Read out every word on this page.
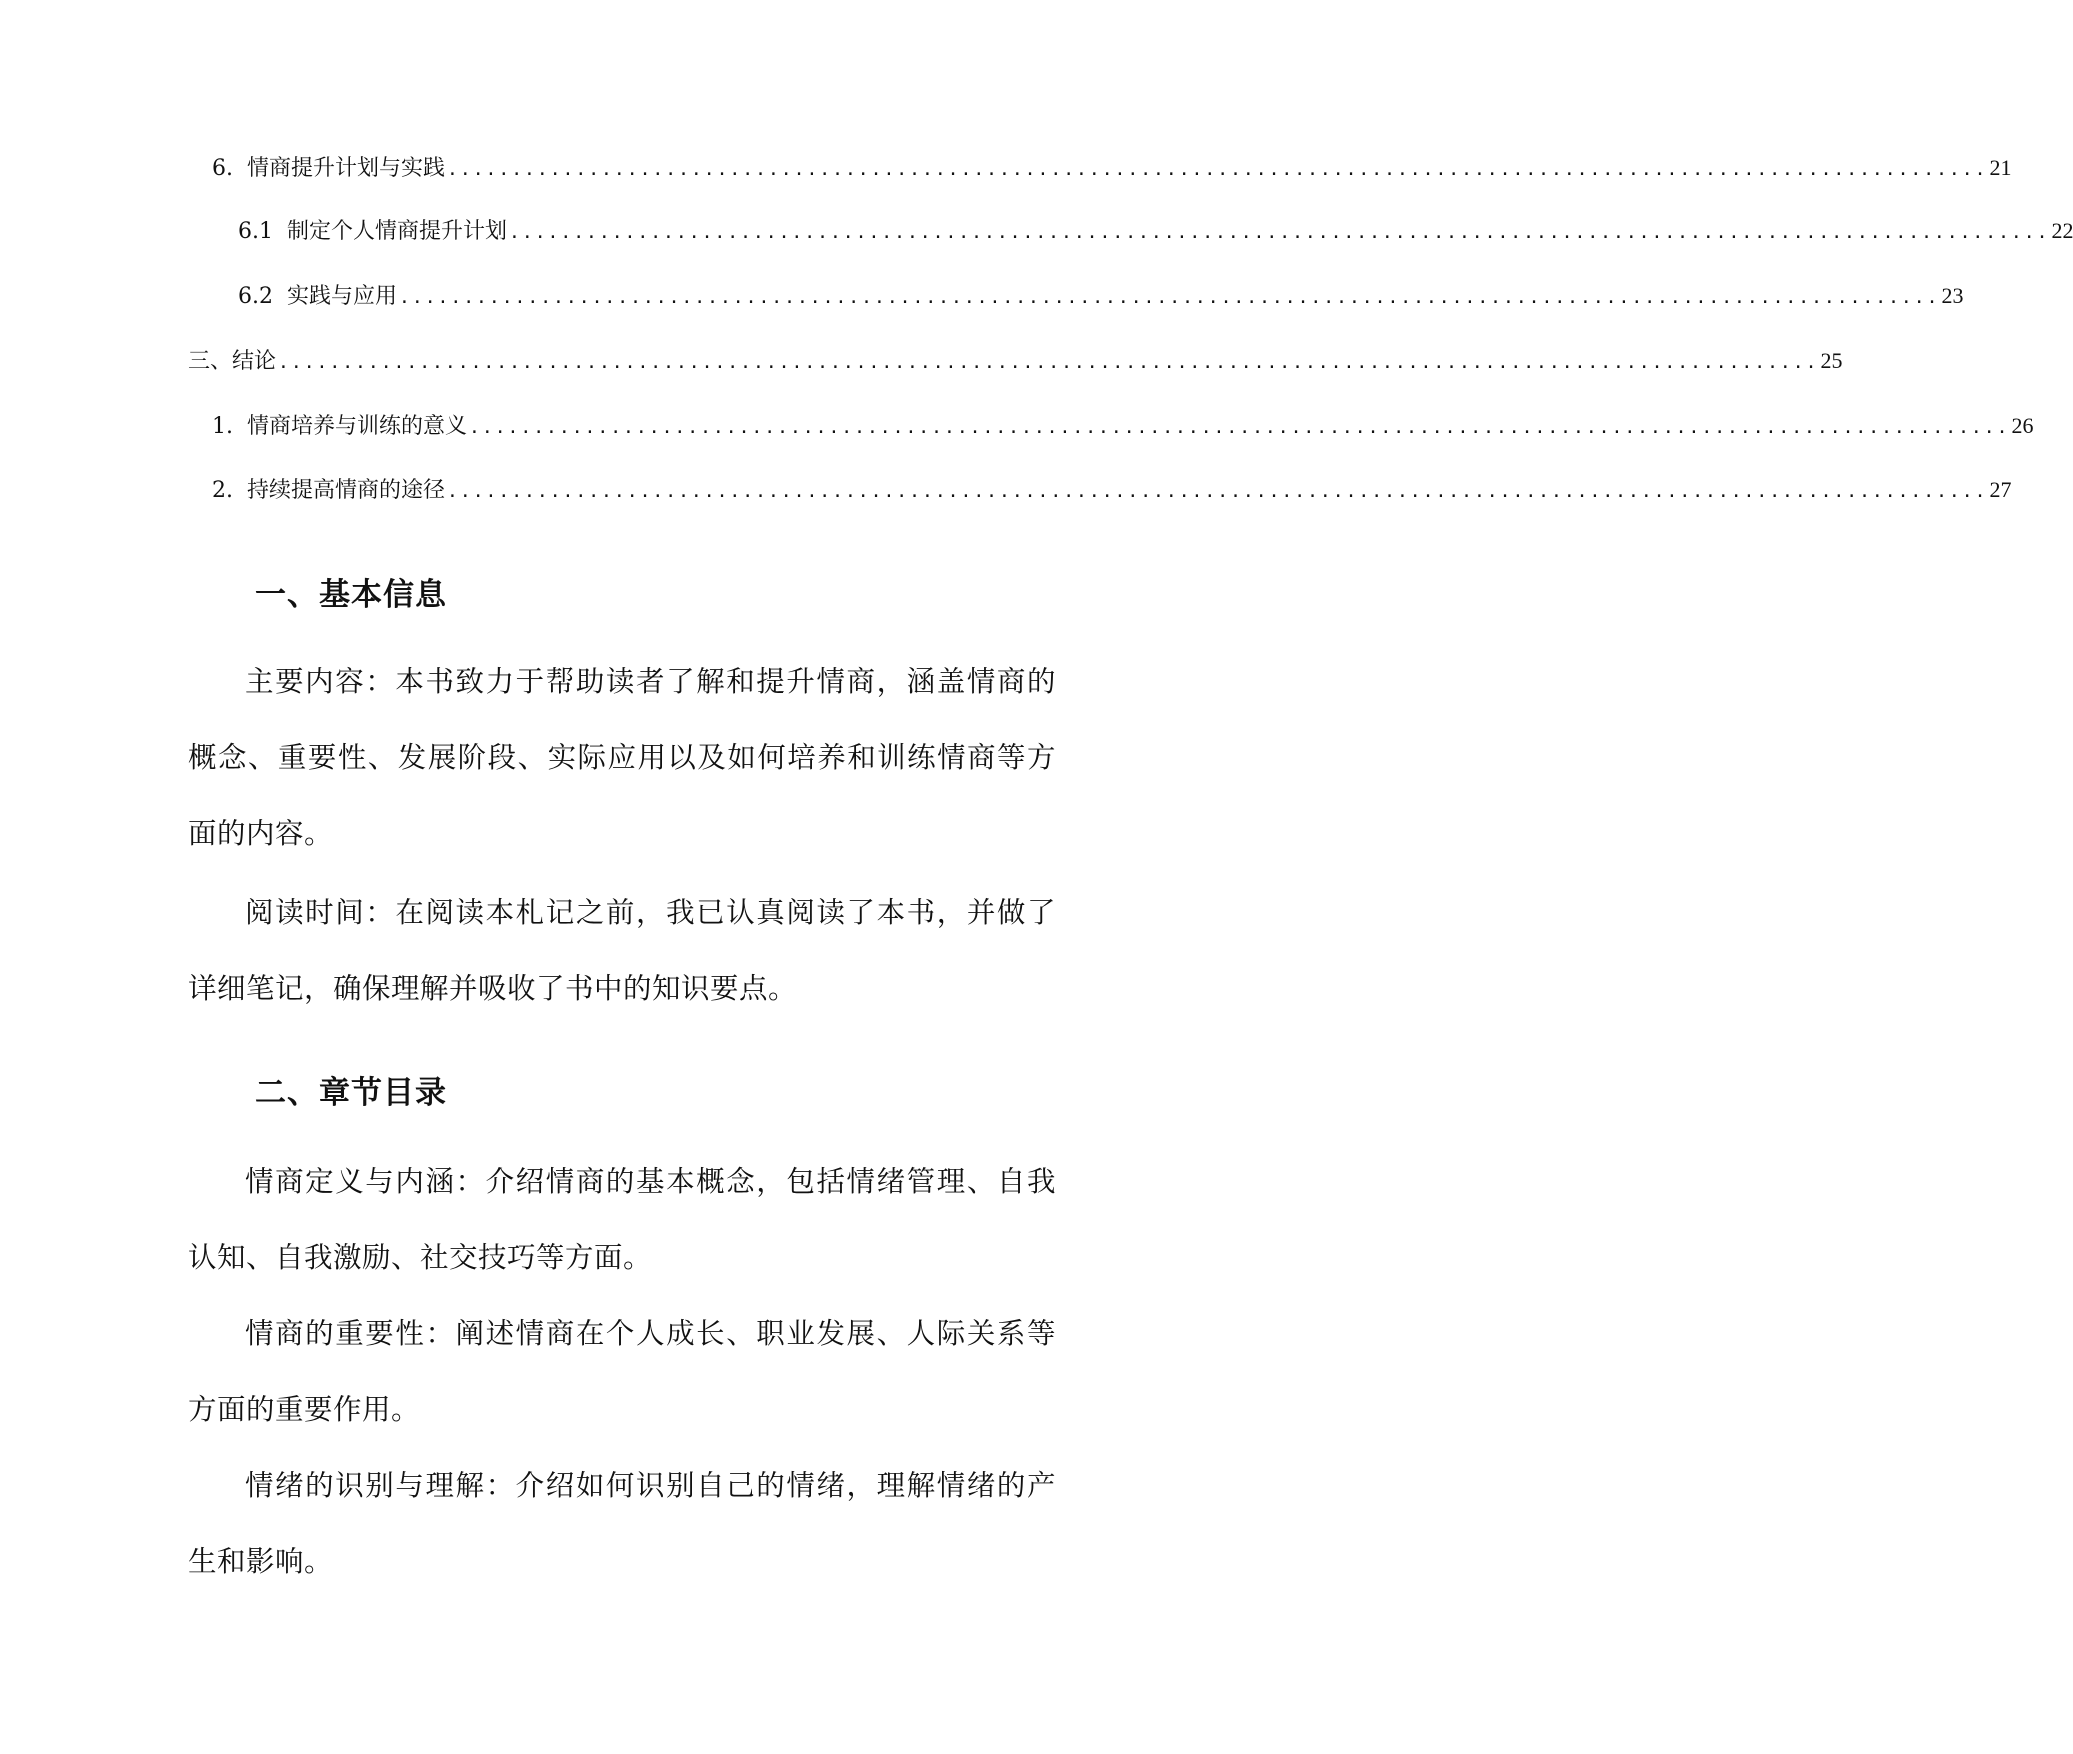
6. 情商提升计划与实践 ........................................................................................................................ 21
6.1 制定个人情商提升计划 ........................................................................................................................ 22
6.2 实践与应用 ........................................................................................................................ 23
三、结论 ........................................................................................................................ 25
1. 情商培养与训练的意义 ........................................................................................................................ 26
2. 持续提高情商的途径 ........................................................................................................................ 27
一、基本信息

主要内容：本书致力于帮助读者了解和提升情商，涵盖情商的概念、重要性、发展阶段、实际应用以及如何培养和训练情商等方面的内容。

阅读时间：在阅读本札记之前，我已认真阅读了本书，并做了详细笔记，确保理解并吸收了书中的知识要点。

二、章节目录

情商定义与内涵：介绍情商的基本概念，包括情绪管理、自我认知、自我激励、社交技巧等方面。

情商的重要性：阐述情商在个人成长、职业发展、人际关系等方面的重要作用。

情绪的识别与理解：介绍如何识别自己的情绪，理解情绪的产生和影响。
